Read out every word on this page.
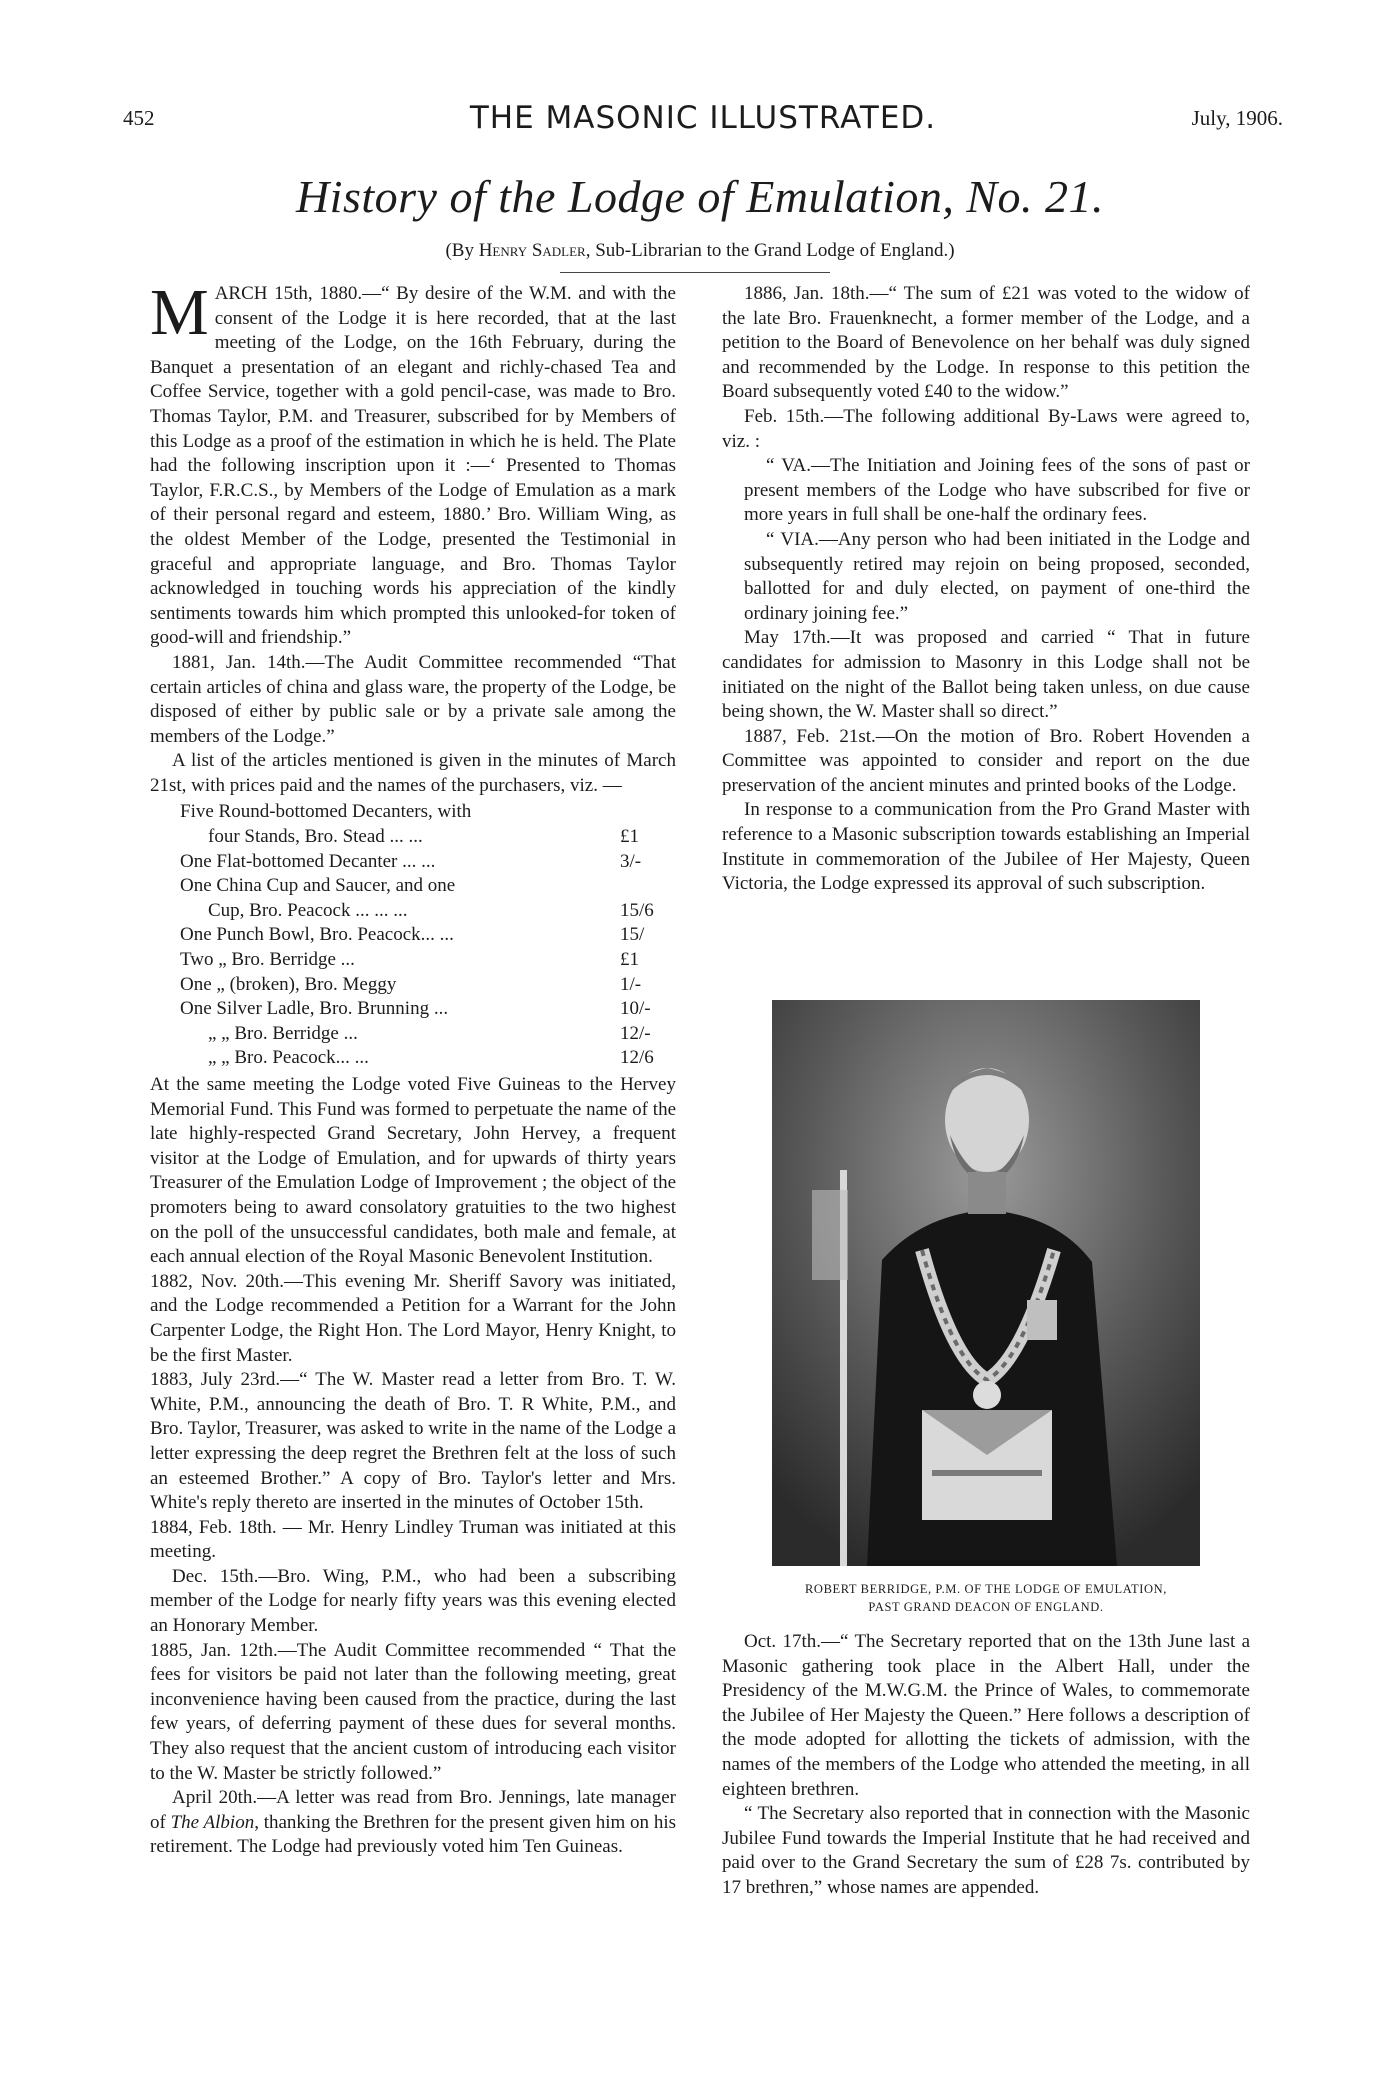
452	THE MASONIC ILLUSTRATED.	July, 1906.
History of the Lodge of Emulation, No. 21.
(By Henry Sadler, Sub-Librarian to the Grand Lodge of England.)

MARCH 15th, 1880.—“ By desire of the W.M. and with the consent of the Lodge it is here recorded, that at the last meeting of the Lodge, on the 16th February, during the Banquet a presentation of an elegant and richly-chased Tea and Coffee Service, together with a gold pencil-case, was made to Bro. Thomas Taylor, P.M. and Treasurer, subscribed for by Members of this Lodge as a proof of the estimation in which he is held. The Plate had the following inscription upon it :—‘ Presented to Thomas Taylor, F.R.C.S., by Members of the Lodge of Emulation as a mark of their personal regard and esteem, 1880.’ Bro. William Wing, as the oldest Member of the Lodge, presented the Testimonial in graceful and appropriate language, and Bro. Thomas Taylor acknowledged in touching words his appreciation of the kindly sentiments towards him which prompted this unlooked-for token of good-will and friendship.”

1881, Jan. 14th.—The Audit Committee recommended “That certain articles of china and glass ware, the property of the Lodge, be disposed of either by public sale or by a private sale among the members of the Lodge.”

A list of the articles mentioned is given in the minutes of March 21st, with prices paid and the names of the purchasers, viz. —

Five Round-bottomed Decanters, with
four Stands, Bro. Stead ... ...	£1
One Flat-bottomed Decanter ... ...	3/-
One China Cup and Saucer, and one
Cup, Bro. Peacock ... ... ...	15/6
One Punch Bowl, Bro. Peacock... ...	15/
Two „ Bro. Berridge ...	£1
One „ (broken), Bro. Meggy	1/-
One Silver Ladle, Bro. Brunning ...	10/-
„ „ Bro. Berridge ...	12/-
„ „ Bro. Peacock... ...	12/6

At the same meeting the Lodge voted Five Guineas to the Hervey Memorial Fund. This Fund was formed to perpetuate the name of the late highly-respected Grand Secretary, John Hervey, a frequent visitor at the Lodge of Emulation, and for upwards of thirty years Treasurer of the Emulation Lodge of Improvement ; the object of the promoters being to award consolatory gratuities to the two highest on the poll of the unsuccessful candidates, both male and female, at each annual election of the Royal Masonic Benevolent Institution.

1882, Nov. 20th.—This evening Mr. Sheriff Savory was initiated, and the Lodge recommended a Petition for a Warrant for the John Carpenter Lodge, the Right Hon. The Lord Mayor, Henry Knight, to be the first Master.

1883, July 23rd.—“ The W. Master read a letter from Bro. T. W. White, P.M., announcing the death of Bro. T. R White, P.M., and Bro. Taylor, Treasurer, was asked to write in the name of the Lodge a letter expressing the deep regret the Brethren felt at the loss of such an esteemed Brother.” A copy of Bro. Taylor's letter and Mrs. White's reply thereto are inserted in the minutes of October 15th.

1884, Feb. 18th. — Mr. Henry Lindley Truman was initiated at this meeting.

Dec. 15th.—Bro. Wing, P.M., who had been a subscribing member of the Lodge for nearly fifty years was this evening elected an Honorary Member.

1885, Jan. 12th.—The Audit Committee recommended “ That the fees for visitors be paid not later than the following meeting, great inconvenience having been caused from the practice, during the last few years, of deferring payment of these dues for several months. They also request that the ancient custom of introducing each visitor to the W. Master be strictly followed.”

April 20th.—A letter was read from Bro. Jennings, late manager of The Albion, thanking the Brethren for the present given him on his retirement. The Lodge had previously voted him Ten Guineas.

1886, Jan. 18th.—“ The sum of £21 was voted to the widow of the late Bro. Frauenknecht, a former member of the Lodge, and a petition to the Board of Benevolence on her behalf was duly signed and recommended by the Lodge. In response to this petition the Board subsequently voted £40 to the widow.”

Feb. 15th.—The following additional By-Laws were agreed to, viz. :

“ VA.—The Initiation and Joining fees of the sons of past or present members of the Lodge who have subscribed for five or more years in full shall be one-half the ordinary fees.

“ VIA.—Any person who had been initiated in the Lodge and subsequently retired may rejoin on being proposed, seconded, ballotted for and duly elected, on payment of one-third the ordinary joining fee.”

May 17th.—It was proposed and carried “ That in future candidates for admission to Masonry in this Lodge shall not be initiated on the night of the Ballot being taken unless, on due cause being shown, the W. Master shall so direct.”

1887, Feb. 21st.—On the motion of Bro. Robert Hovenden a Committee was appointed to consider and report on the due preservation of the ancient minutes and printed books of the Lodge.

In response to a communication from the Pro Grand Master with reference to a Masonic subscription towards establishing an Imperial Institute in commemoration of the Jubilee of Her Majesty, Queen Victoria, the Lodge expressed its approval of such subscription.

ROBERT BERRIDGE, P.M. OF THE LODGE OF EMULATION,
PAST GRAND DEACON OF ENGLAND.

Oct. 17th.—“ The Secretary reported that on the 13th June last a Masonic gathering took place in the Albert Hall, under the Presidency of the M.W.G.M. the Prince of Wales, to commemorate the Jubilee of Her Majesty the Queen.” Here follows a description of the mode adopted for allotting the tickets of admission, with the names of the members of the Lodge who attended the meeting, in all eighteen brethren.

“ The Secretary also reported that in connection with the Masonic Jubilee Fund towards the Imperial Institute that he had received and paid over to the Grand Secretary the sum of £28 7s. contributed by 17 brethren,” whose names are appended.
